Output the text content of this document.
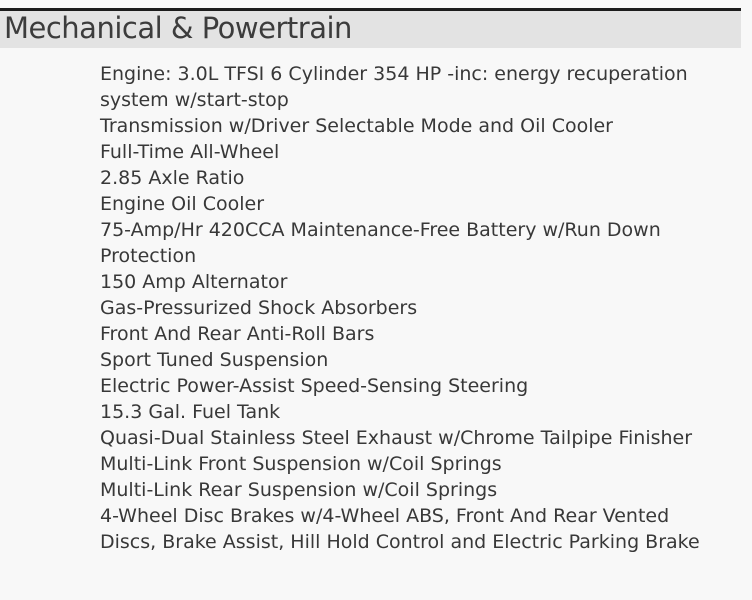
Mechanical & Powertrain
Engine: 3.0L TFSI 6 Cylinder 354 HP -inc: energy recuperation system w/start-stop
Transmission w/Driver Selectable Mode and Oil Cooler
Full-Time All-Wheel
2.85 Axle Ratio
Engine Oil Cooler
75-Amp/Hr 420CCA Maintenance-Free Battery w/Run Down Protection
150 Amp Alternator
Gas-Pressurized Shock Absorbers
Front And Rear Anti-Roll Bars
Sport Tuned Suspension
Electric Power-Assist Speed-Sensing Steering
15.3 Gal. Fuel Tank
Quasi-Dual Stainless Steel Exhaust w/Chrome Tailpipe Finisher
Multi-Link Front Suspension w/Coil Springs
Multi-Link Rear Suspension w/Coil Springs
4-Wheel Disc Brakes w/4-Wheel ABS, Front And Rear Vented Discs, Brake Assist, Hill Hold Control and Electric Parking Brake
